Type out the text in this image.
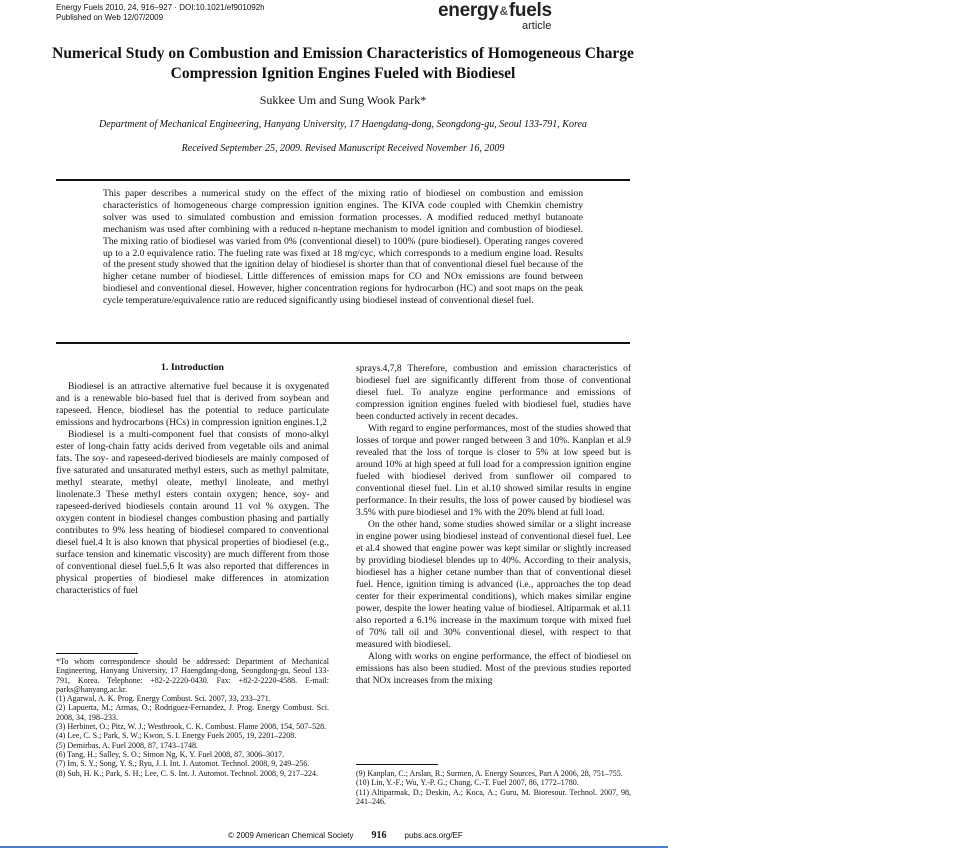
Energy Fuels 2010, 24, 916–927 · DOI:10.1021/ef901092h
Published on Web 12/07/2009	energy&fuels
article
Numerical Study on Combustion and Emission Characteristics of Homogeneous Charge Compression Ignition Engines Fueled with Biodiesel
Sukkee Um and Sung Wook Park*
Department of Mechanical Engineering, Hanyang University, 17 Haengdang-dong, Seongdong-gu, Seoul 133-791, Korea
Received September 25, 2009. Revised Manuscript Received November 16, 2009
This paper describes a numerical study on the effect of the mixing ratio of biodiesel on combustion and emission characteristics of homogeneous charge compression ignition engines. The KIVA code coupled with Chemkin chemistry solver was used to simulated combustion and emission formation processes. A modified reduced methyl butanoate mechanism was used after combining with a reduced n-heptane mechanism to model ignition and combustion of biodiesel. The mixing ratio of biodiesel was varied from 0% (conventional diesel) to 100% (pure biodiesel). Operating ranges covered up to a 2.0 equivalence ratio. The fueling rate was fixed at 18 mg/cyc, which corresponds to a medium engine load. Results of the present study showed that the ignition delay of biodiesel is shorter than that of conventional diesel fuel because of the higher cetane number of biodiesel. Little differences of emission maps for CO and NOx emissions are found between biodiesel and conventional diesel. However, higher concentration regions for hydrocarbon (HC) and soot maps on the peak cycle temperature/equivalence ratio are reduced significantly using biodiesel instead of conventional diesel fuel.

1. Introduction

Biodiesel is an attractive alternative fuel because it is oxygenated and is a renewable bio-based fuel that is derived from soybean and rapeseed. Hence, biodiesel has the potential to reduce particulate emissions and hydrocarbons (HCs) in compression ignition engines.1,2

Biodiesel is a multi-component fuel that consists of mono-alkyl ester of long-chain fatty acids derived from vegetable oils and animal fats. The soy- and rapeseed-derived biodiesels are mainly composed of five saturated and unsaturated methyl esters, such as methyl palmitate, methyl stearate, methyl oleate, methyl linoleate, and methyl linolenate.3 These methyl esters contain oxygen; hence, soy- and rapeseed-derived biodiesels contain around 11 vol % oxygen. The oxygen content in biodiesel changes combustion phasing and partially contributes to 9% less heating of biodiesel compared to conventional diesel fuel.4 It is also known that physical properties of biodiesel (e.g., surface tension and kinematic viscosity) are much different from those of conventional diesel fuel.5,6 It was also reported that differences in physical properties of biodiesel make differences in atomization characteristics of fuel

sprays.4,7,8 Therefore, combustion and emission characteristics of biodiesel fuel are significantly different from those of conventional diesel fuel. To analyze engine performance and emissions of compression ignition engines fueled with biodiesel fuel, studies have been conducted actively in recent decades.

With regard to engine performances, most of the studies showed that losses of torque and power ranged between 3 and 10%. Kanplan et al.9 revealed that the loss of torque is closer to 5% at low speed but is around 10% at high speed at full load for a compression ignition engine fueled with biodiesel derived from sunflower oil compared to conventional diesel fuel. Lin et al.10 showed similar results in engine performance. In their results, the loss of power caused by biodiesel was 3.5% with pure biodiesel and 1% with the 20% blend at full load.

On the other hand, some studies showed similar or a slight increase in engine power using biodiesel instead of conventional diesel fuel. Lee et al.4 showed that engine power was kept similar or slightly increased by providing biodiesel blendes up to 40%. According to their analysis, biodiesel has a higher cetane number than that of conventional diesel fuel. Hence, ignition timing is advanced (i.e., approaches the top dead center for their experimental conditions), which makes similar engine power, despite the lower heating value of biodiesel. Altiparmak et al.11 also reported a 6.1% increase in the maximum torque with mixed fuel of 70% tall oil and 30% conventional diesel, with respect to that measured with biodiesel.

Along with works on engine performance, the effect of biodiesel on emissions has also been studied. Most of the previous studies reported that NOx increases from the mixing

*To whom correspondence should be addressed: Department of Mechanical Engineering, Hanyang University, 17 Haengdang-dong, Seongdong-gu, Seoul 133-791, Korea. Telephone: +82-2-2220-0430. Fax: +82-2-2220-4588. E-mail: parks@hanyang.ac.kr.
(1) Agarwal, A. K. Prog. Energy Combust. Sci. 2007, 33, 233–271.
(2) Lapuerta, M.; Armas, O.; Rodriguez-Fernandez, J. Prog. Energy Combust. Sci. 2008, 34, 198–233.
(3) Herbinet, O.; Pitz, W. J.; Westbrook, C. K. Combust. Flame 2008, 154, 507–528.
(4) Lee, C. S.; Park, S. W.; Kwon, S. I. Energy Fuels 2005, 19, 2201–2208.
(5) Demirbas, A. Fuel 2008, 87, 1743–1748.
(6) Tang, H.; Salley, S. O.; Simon Ng, K. Y. Fuel 2008, 87, 3006–3017.
(7) Im, S. Y.; Song, Y. S.; Ryu, J. I. Int. J. Automot. Technol. 2008, 9, 249–256.
(8) Suh, H. K.; Park, S. H.; Lee, C. S. Int. J. Automot. Technol. 2008, 9, 217–224.	(9) Kanplan, C.; Arslan, R.; Surmen, A. Energy Sources, Part A 2006, 28, 751–755.
(10) Lin, Y.-F.; Wu, Y.-P. G.; Chang, C.-T. Fuel 2007, 86, 1772–1780.
(11) Altiparmak, D.; Deskin, A.; Koca, A.; Guru, M. Bioresour. Technol. 2007, 98, 241–246.
© 2009 American Chemical Society 916 pubs.acs.org/EF
